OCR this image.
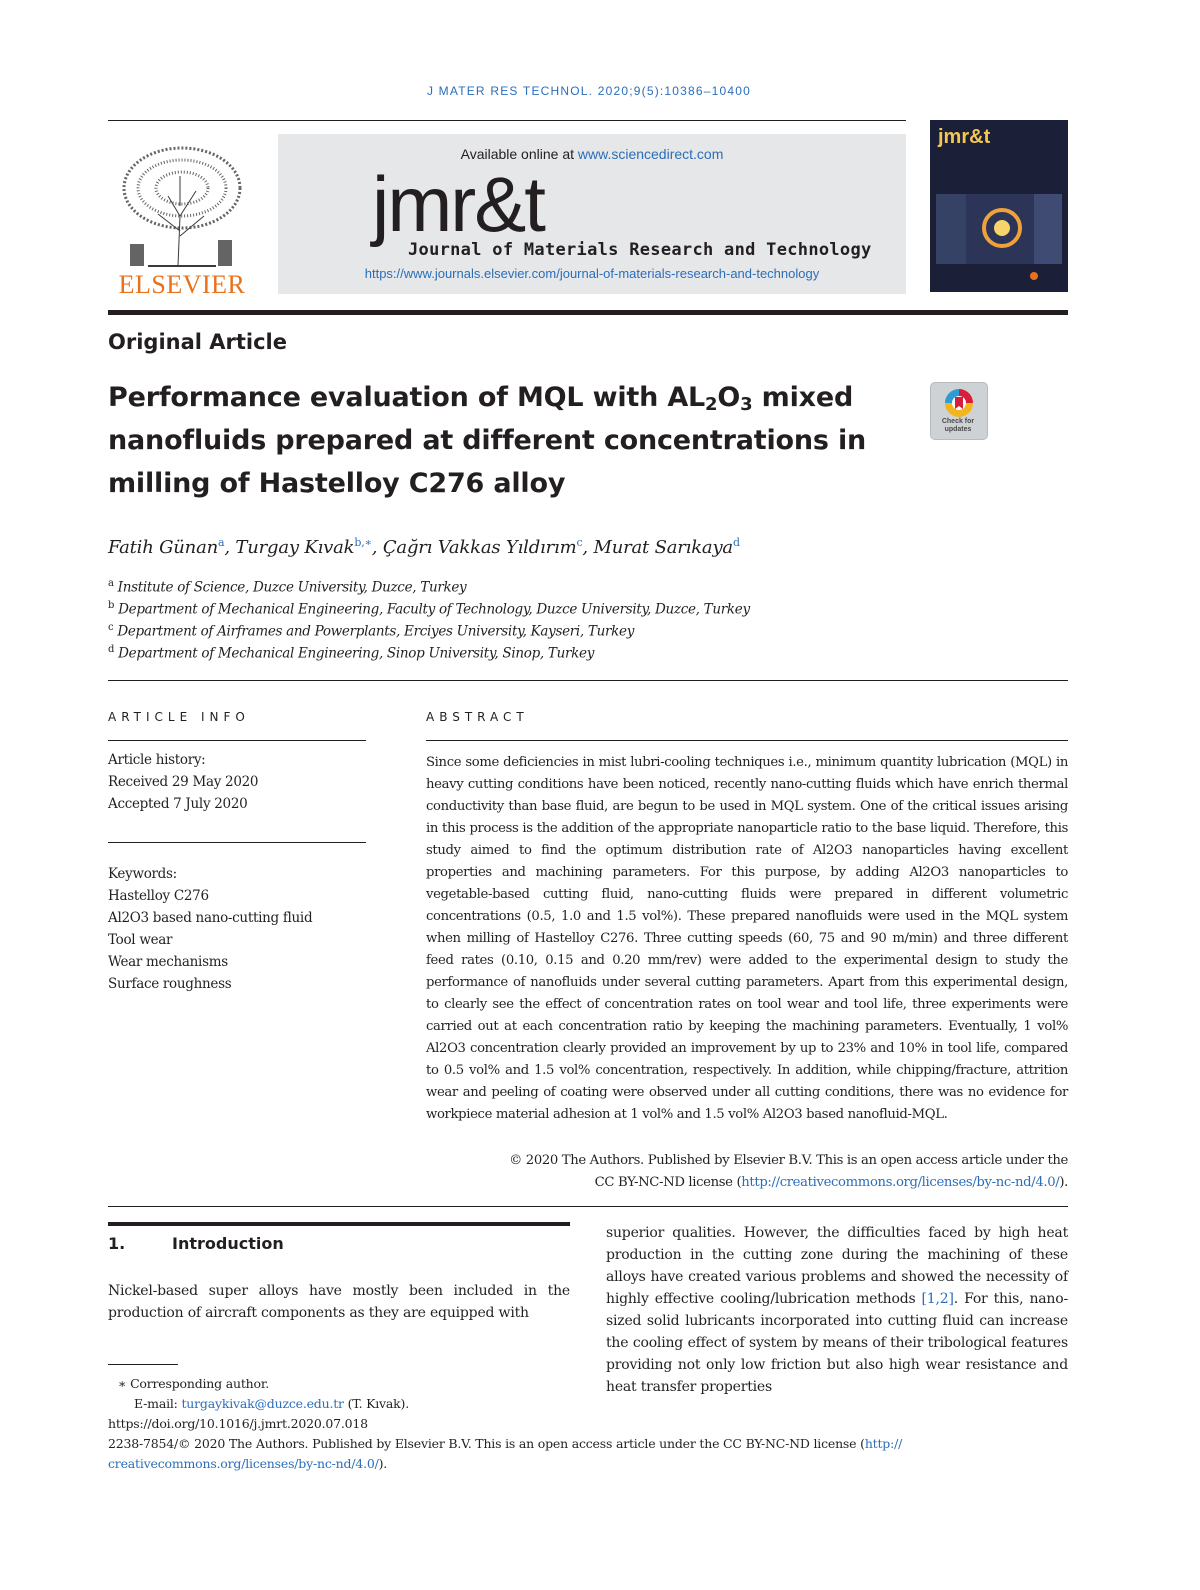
J MATER RES TECHNOL. 2020;9(5):10386–10400
ELSEVIER
Available online at www.sciencedirect.com
jmr&t
Journal of Materials Research and Technology
https://www.journals.elsevier.com/journal-of-materials-research-and-technology
jmr&t
Original Article
Performance evaluation of MQL with $AL_2O_3$ mixed nanofluids prepared at different concentrations in milling of Hastelloy C276 alloy
Check for updates
Fatih Günan$^a$, Turgay Kıvak$^{b,∗}$, Çağrı Vakkas Yıldırım$^c$, Murat Sarıkaya$^d$
$^a$ Institute of Science, Duzce University, Duzce, Turkey
$^b$ Department of Mechanical Engineering, Faculty of Technology, Duzce University, Duzce, Turkey
$^c$ Department of Airframes and Powerplants, Erciyes University, Kayseri, Turkey
$^d$ Department of Mechanical Engineering, Sinop University, Sinop, Turkey
ARTICLE INFO
Article history:
Received 29 May 2020
Accepted 7 July 2020
Keywords:
Hastelloy C276
Al2O3 based nano-cutting fluid
Tool wear
Wear mechanisms
Surface roughness
ABSTRACT
Since some deficiencies in mist lubri-cooling techniques i.e., minimum quantity lubrication (MQL) in heavy cutting conditions have been noticed, recently nano-cutting fluids which have enrich thermal conductivity than base fluid, are begun to be used in MQL system. One of the critical issues arising in this process is the addition of the appropriate nanoparticle ratio to the base liquid. Therefore, this study aimed to find the optimum distribution rate of Al2O3 nanoparticles having excellent properties and machining parameters. For this purpose, by adding Al2O3 nanoparticles to vegetable-based cutting fluid, nano-cutting fluids were prepared in different volumetric concentrations (0.5, 1.0 and 1.5 vol%). These prepared nanofluids were used in the MQL system when milling of Hastelloy C276. Three cutting speeds (60, 75 and 90 m/min) and three different feed rates (0.10, 0.15 and 0.20 mm/rev) were added to the experimental design to study the performance of nanofluids under several cutting parameters. Apart from this experimental design, to clearly see the effect of concentration rates on tool wear and tool life, three experiments were carried out at each concentration ratio by keeping the machining parameters. Eventually, 1 vol% Al2O3 concentration clearly provided an improvement by up to 23% and 10% in tool life, compared to 0.5 vol% and 1.5 vol% concentration, respectively. In addition, while chipping/fracture, attrition wear and peeling of coating were observed under all cutting conditions, there was no evidence for workpiece material adhesion at 1 vol% and 1.5 vol% Al2O3 based nanofluid-MQL.
© 2020 The Authors. Published by Elsevier B.V. This is an open access article under the
CC BY-NC-ND license (http://creativecommons.org/licenses/by-nc-nd/4.0/).
1.	Introduction
Nickel-based super alloys have mostly been included in the production of aircraft components as they are equipped with
superior qualities. However, the difficulties faced by high heat production in the cutting zone during the machining of these alloys have created various problems and showed the necessity of highly effective cooling/lubrication methods [1,2]. For this, nano-sized solid lubricants incorporated into cutting fluid can increase the cooling effect of system by means of their tribological features providing not only low friction but also high wear resistance and heat transfer properties
∗ Corresponding author.
E-mail: turgaykivak@duzce.edu.tr (T. Kıvak).
https://doi.org/10.1016/j.jmrt.2020.07.018
2238-7854/© 2020 The Authors. Published by Elsevier B.V. This is an open access article under the CC BY-NC-ND license (http://
creativecommons.org/licenses/by-nc-nd/4.0/).
